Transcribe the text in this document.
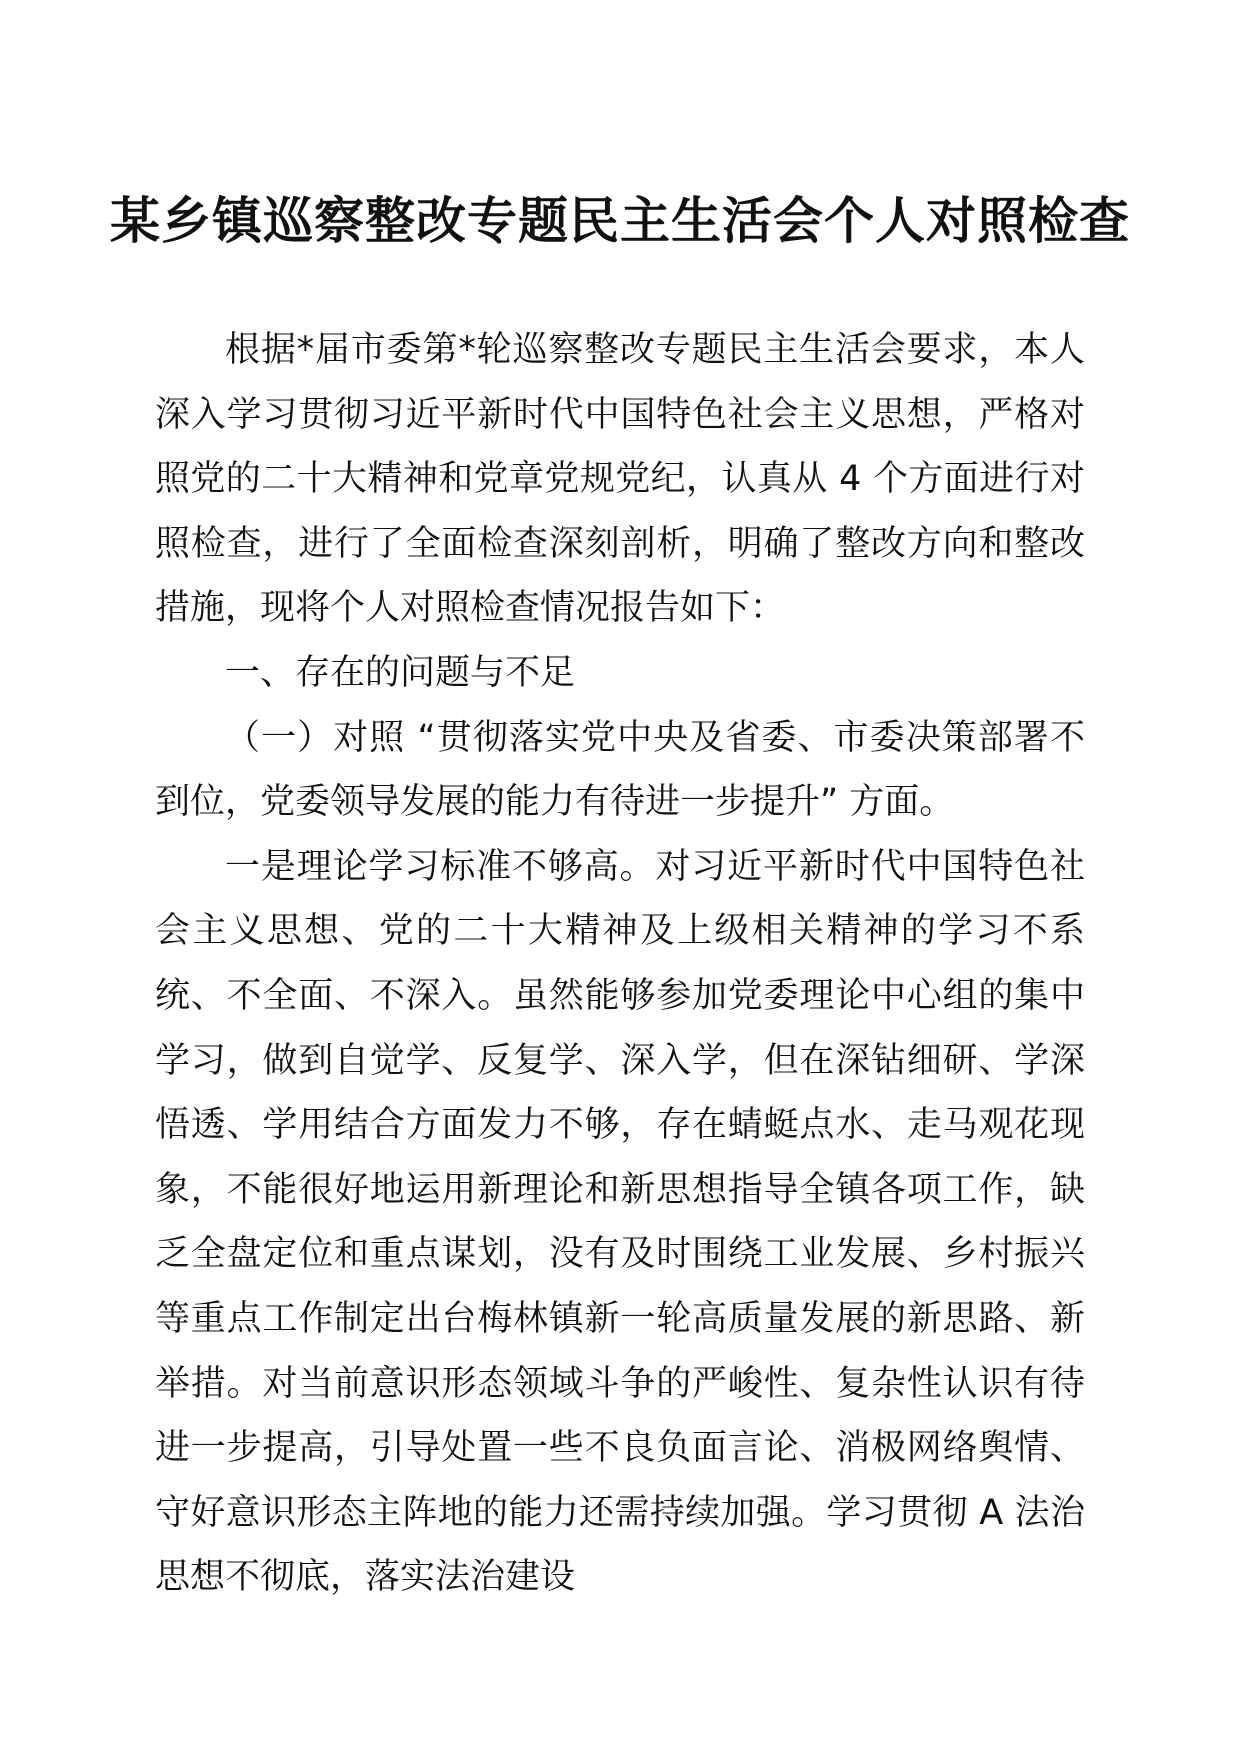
某乡镇巡察整改专题民主生活会个人对照检查

根据*届市委第*轮巡察整改专题民主生活会要求，本人深入学习贯彻习近平新时代中国特色社会主义思想，严格对照党的二十大精神和党章党规党纪，认真从 4 个方面进行对照检查，进行了全面检查深刻剖析，明确了整改方向和整改措施，现将个人对照检查情况报告如下：

一、存在的问题与不足

（一）对照 “贯彻落实党中央及省委、市委决策部署不到位，党委领导发展的能力有待进一步提升” 方面。

一是理论学习标准不够高。对习近平新时代中国特色社会主义思想、党的二十大精神及上级相关精神的学习不系统、不全面、不深入。虽然能够参加党委理论中心组的集中学习，做到自觉学、反复学、深入学，但在深钻细研、学深悟透、学用结合方面发力不够，存在蜻蜓点水、走马观花现象，不能很好地运用新理论和新思想指导全镇各项工作，缺乏全盘定位和重点谋划，没有及时围绕工业发展、乡村振兴等重点工作制定出台梅林镇新一轮高质量发展的新思路、新举措。对当前意识形态领域斗争的严峻性、复杂性认识有待进一步提高，引导处置一些不良负面言论、消极网络舆情、守好意识形态主阵地的能力还需持续加强。学习贯彻 A 法治思想不彻底，落实法治建设
